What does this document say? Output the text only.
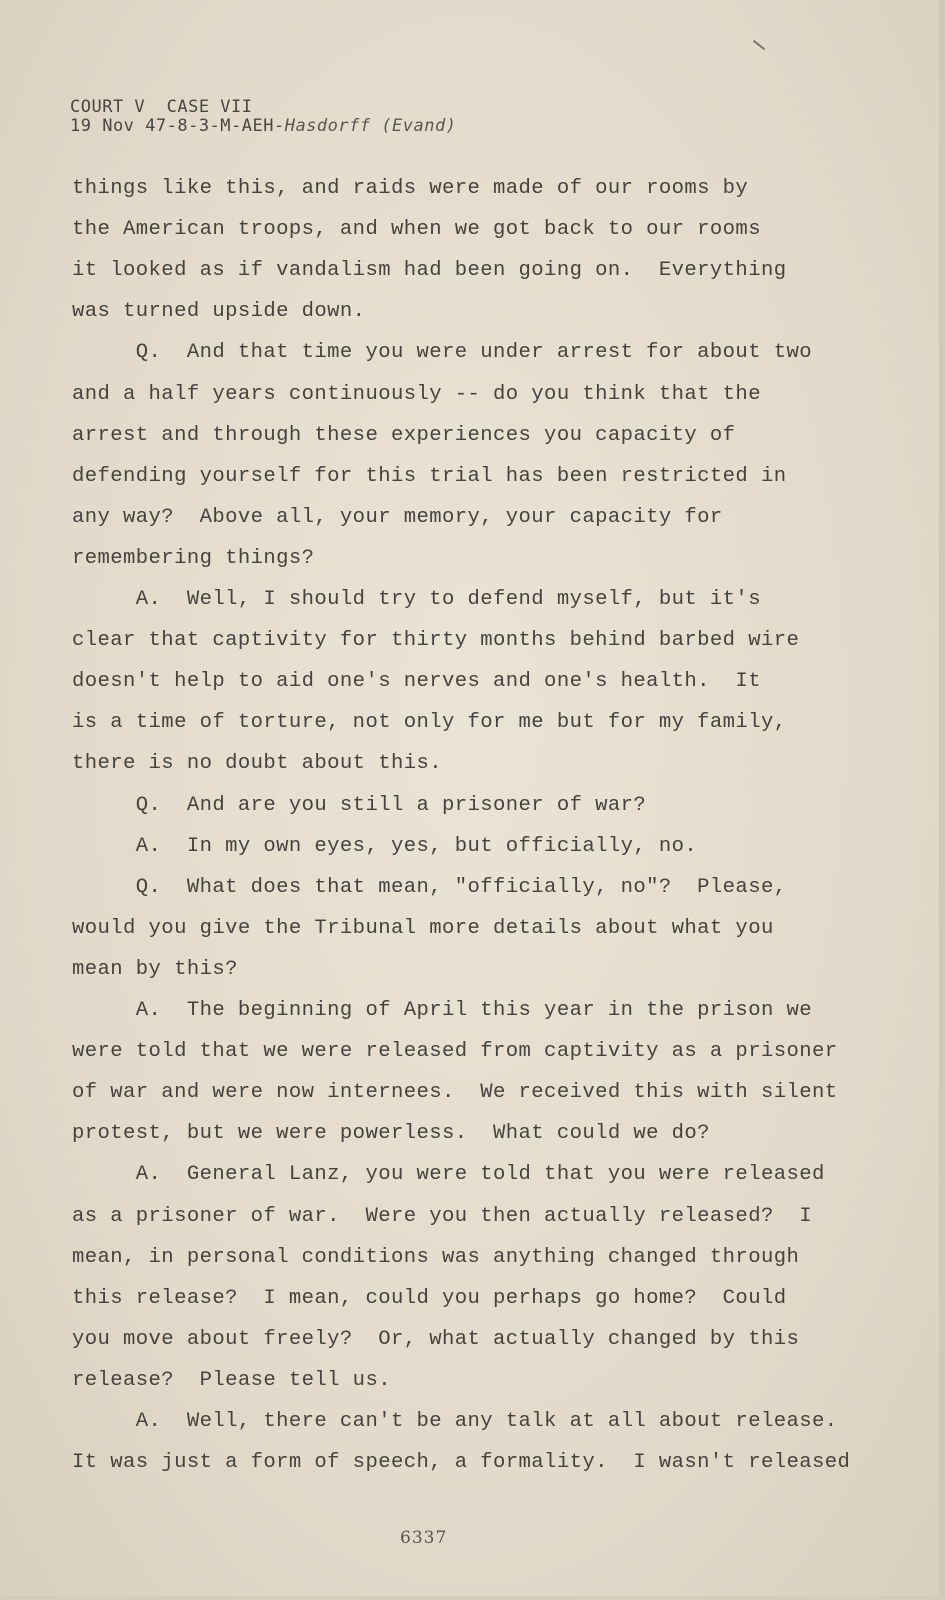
COURT V  CASE VII
19 Nov 47-8-3-M-AEH-Hasdorff (Evand)
things like this, and raids were made of our rooms by
the American troops, and when we got back to our rooms
it looked as if vandalism had been going on.  Everything
was turned upside down.
Q.  And that time you were under arrest for about two
and a half years continuously -- do you think that the
arrest and through these experiences you capacity of
defending yourself for this trial has been restricted in
any way?  Above all, your memory, your capacity for
remembering things?
A.  Well, I should try to defend myself, but it's
clear that captivity for thirty months behind barbed wire
doesn't help to aid one's nerves and one's health.  It
is a time of torture, not only for me but for my family,
there is no doubt about this.
Q.  And are you still a prisoner of war?
A.  In my own eyes, yes, but officially, no.
Q.  What does that mean, "officially, no"?  Please,
would you give the Tribunal more details about what you
mean by this?
A.  The beginning of April this year in the prison we
were told that we were released from captivity as a prisoner
of war and were now internees.  We received this with silent
protest, but we were powerless.  What could we do?
A.  General Lanz, you were told that you were released
as a prisoner of war.  Were you then actually released?  I
mean, in personal conditions was anything changed through
this release?  I mean, could you perhaps go home?  Could
you move about freely?  Or, what actually changed by this
release?  Please tell us.
A.  Well, there can't be any talk at all about release.
It was just a form of speech, a formality.  I wasn't released
6337
